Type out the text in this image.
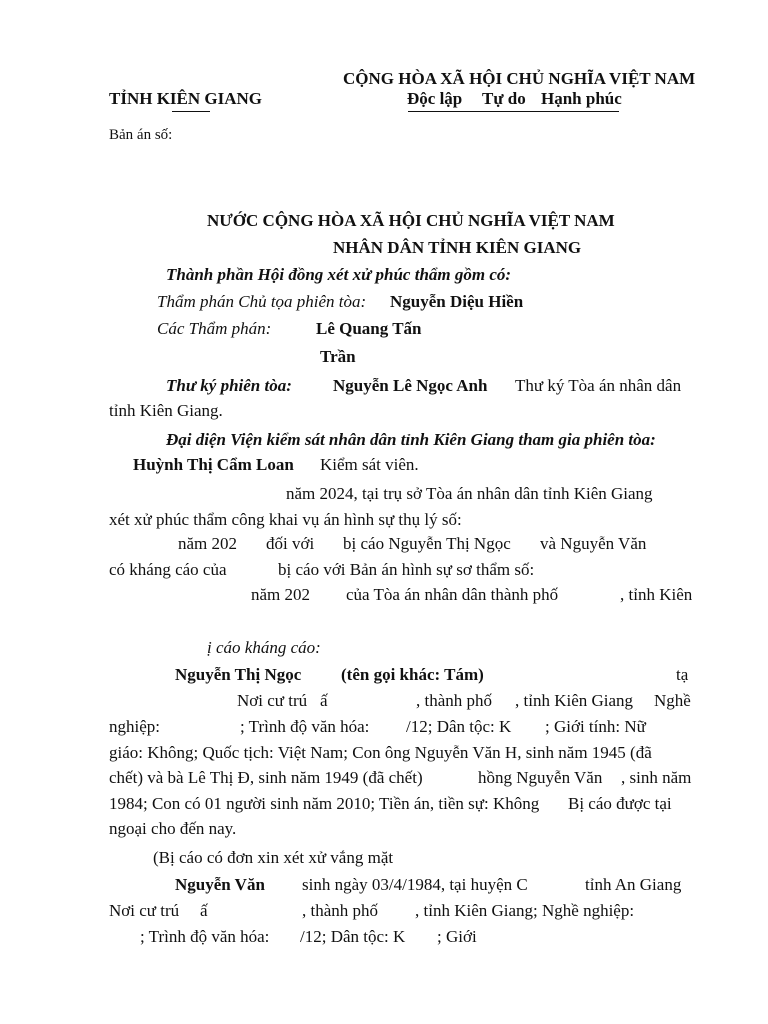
CỘNG HÒA XÃ HỘI CHỦ NGHĨA VIỆT NAM
TỈNH KIÊN GIANG	Độc lập Tự do Hạnh phúc
Bản án số:
NƯỚC CỘNG HÒA XÃ HỘI CHỦ NGHĨA VIỆT NAM
NHÂN DÂN TỈNH KIÊN GIANG
Thành phần Hội đồng xét xử phúc thẩm gồm có:
Thẩm phán Chủ tọa phiên tòa: Nguyễn Diệu Hiền
Các Thẩm phán:	Lê Quang Tấn
Trần
Thư ký phiên tòa: Nguyễn Lê Ngọc Anh Thư ký Tòa án nhân dân
tỉnh Kiên Giang.
Đại diện Viện kiểm sát nhân dân tỉnh Kiên Giang tham gia phiên tòa:
Huỳnh Thị Cẩm Loan Kiểm sát viên.
năm 2024, tại trụ sở Tòa án nhân dân tỉnh Kiên Giang
xét xử phúc thẩm công khai vụ án hình sự thụ lý số:
năm 202 đối với bị cáo Nguyễn Thị Ngọc và Nguyễn Văn
có kháng cáo của	bị cáo với Bản án hình sự sơ thẩm số:
năm 202 của Tòa án nhân dân thành phố	, tỉnh Kiên
ị cáo kháng cáo:
Nguyễn Thị Ngọc (tên gọi khác: Tám)	tạ
Nơi cư trú ấ	, thành phố , tỉnh Kiên Giang Nghề
nghiệp:	; Trình độ văn hóa: /12; Dân tộc: K ; Giới tính: Nữ
giáo: Không; Quốc tịch: Việt Nam; Con ông Nguyễn Văn H, sinh năm 1945 (đã
chết) và bà Lê Thị Đ, sinh năm 1949 (đã chết)	hồng Nguyễn Văn , sinh năm
1984; Con có 01 người sinh năm 2010; Tiền án, tiền sự: Không Bị cáo được tại
ngoại cho đến nay.
(Bị cáo có đơn xin xét xử vắng mặt
Nguyễn Văn sinh ngày 03/4/1984, tại huyện C	tỉnh An Giang
Nơi cư trú ấ	, thành phố , tỉnh Kiên Giang; Nghề nghiệp:
; Trình độ văn hóa: /12; Dân tộc: K ; Giới
